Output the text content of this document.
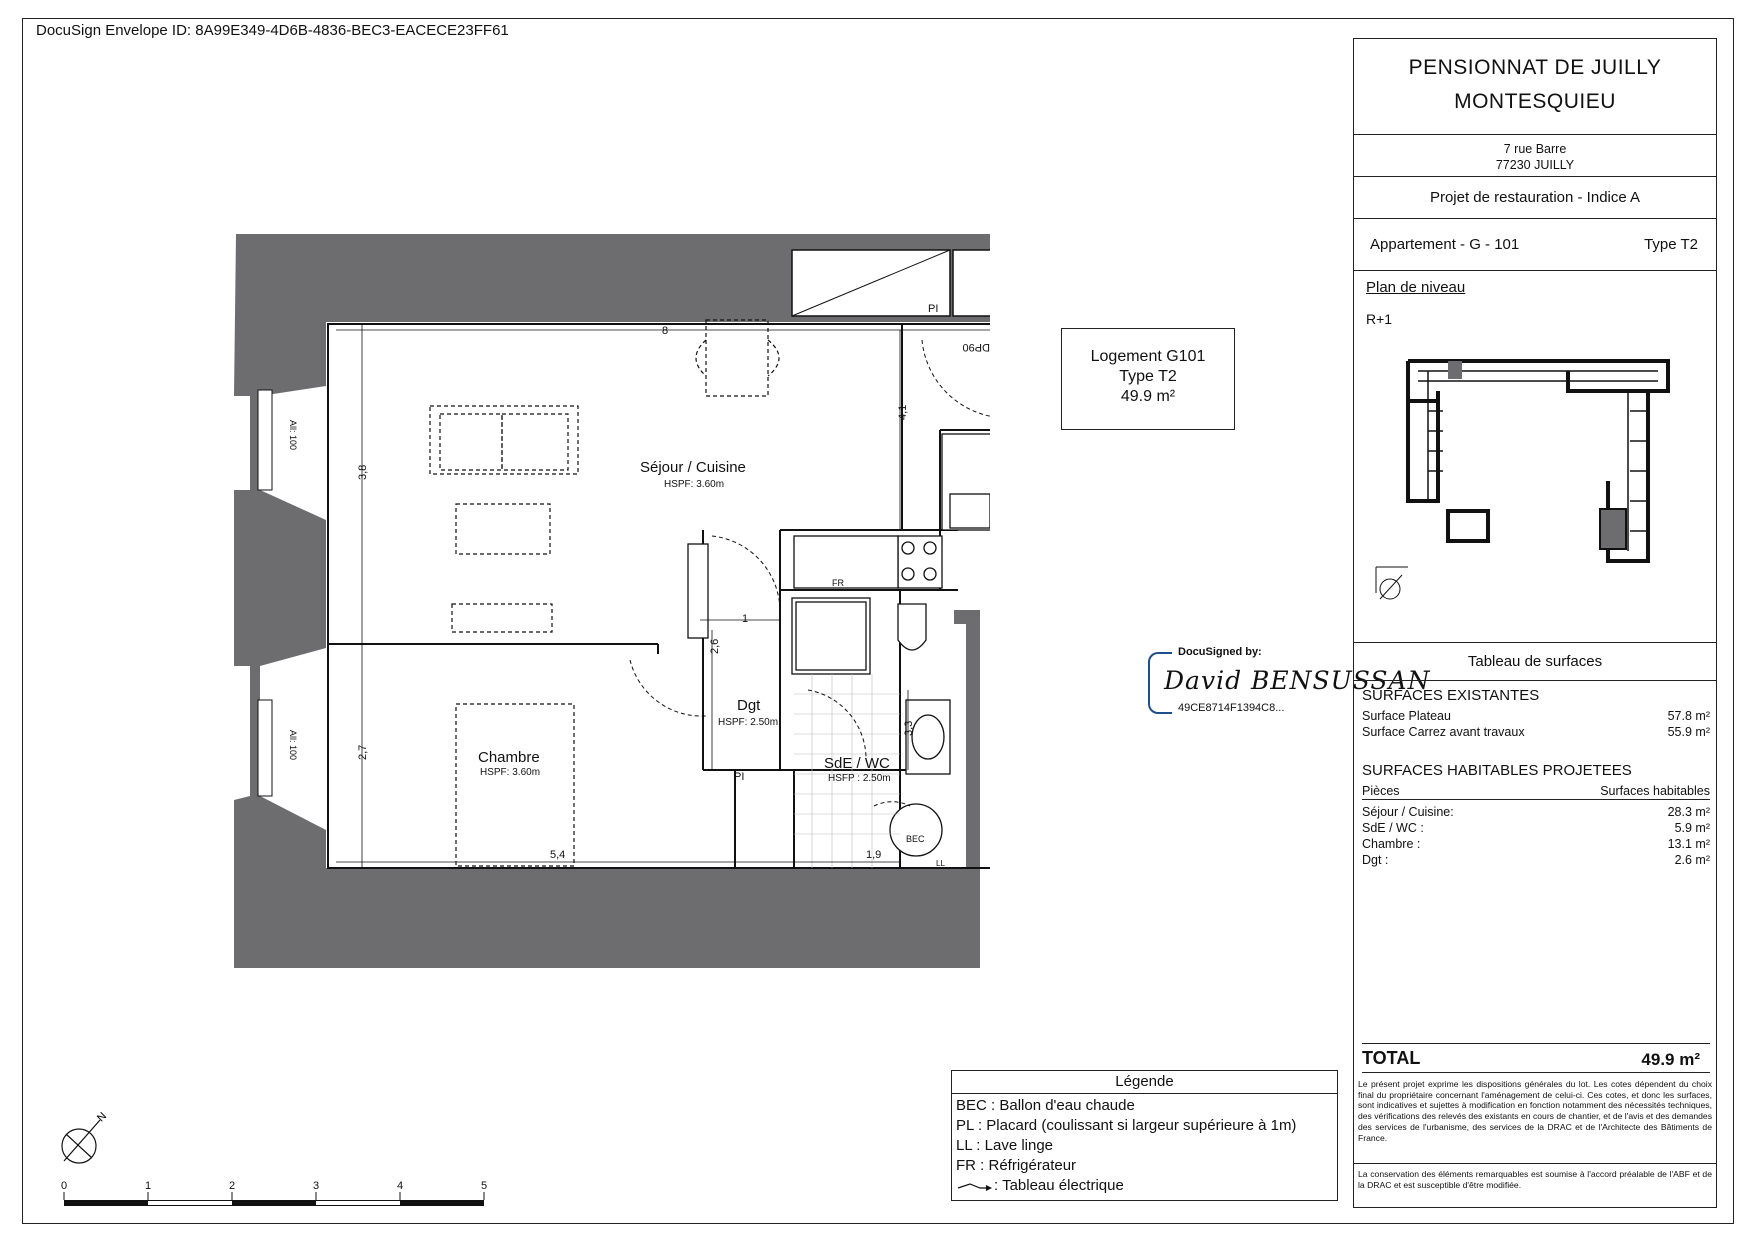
DocuSign Envelope ID: 8A99E349-4D6B-4836-BEC3-EACECE23FF61
8
DP90
PI
4,1
3,8	Séjour / Cuisine
HSPF: 3.60m
FR
1
2,6
Dgt
HSPF: 2.50m	3,3
SdE / WC
HSFP : 2.50m
PI
Chambre
HSPF: 3.60m
2,7
5,4	1,9
BEC
LL
All: 100
All: 100
Logement G101
Type T2
49.9 m²
DocuSigned by:
David BENSUSSAN
49CE8714F1394C8...
N
0	1	2	3	4	5
Légende
BEC : Ballon d'eau chaude
PL : Placard (coulissant si largeur supérieure à 1m)
LL : Lave linge
FR : Réfrigérateur
: Tableau électrique
PENSIONNAT DE JUILLY
MONTESQUIEU
7 rue Barre
77230 JUILLY
Projet de restauration - Indice A
Appartement - G - 101	Type T2
Plan de niveau
R+1
Tableau de surfaces
SURFACES EXISTANTES
Surface Plateau	57.8 m²
Surface Carrez avant travaux	55.9 m²
SURFACES HABITABLES PROJETEES
Pièces	Surfaces habitables
Séjour / Cuisine:	28.3 m²
SdE / WC :	5.9 m²
Chambre :	13.1 m²
Dgt :	2.6 m²
TOTAL	49.9 m²
Le présent projet exprime les dispositions générales du lot. Les cotes dépendent du choix final du propriétaire concernant l'aménagement de celui-ci. Ces cotes, et donc les surfaces, sont indicatives et sujettes à modification en fonction notamment des nécessités techniques, des vérifications des relevés des existants en cours de chantier, et de l'avis et des demandes des services de l'urbanisme, des services de la DRAC et de l'Architecte des Bâtiments de France.
La conservation des éléments remarquables est soumise à l'accord préalable de l'ABF et de la DRAC et est susceptible d'être modifiée.
